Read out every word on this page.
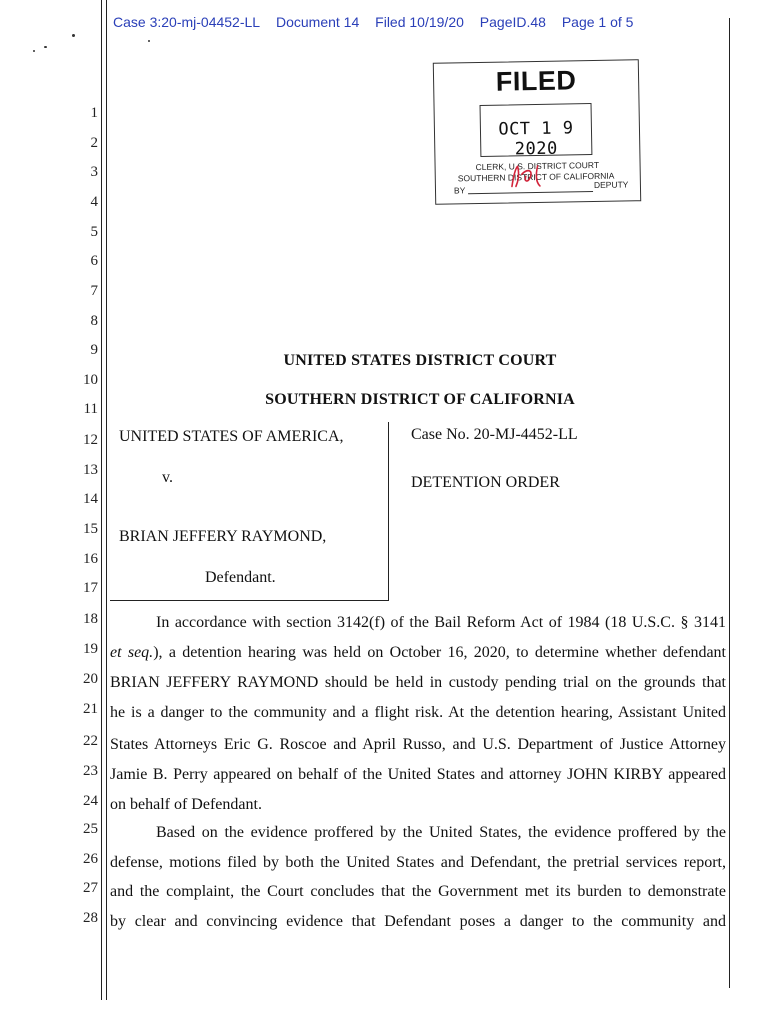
Case 3:20-mj-04452-LL Document 14 Filed 10/19/20 PageID.48 Page 1 of 5
FILED
OCT 1 9 2020
CLERK, U.S. DISTRICT COURT
SOUTHERN DISTRICT OF CALIFORNIA
BY
DEPUTY
1
2
3
4
5
6
7
8
9
10
11
12
13
14
15
16
17
18
19
20
21
22
23
24
25
26
27
28
UNITED STATES DISTRICT COURT
SOUTHERN DISTRICT OF CALIFORNIA
UNITED STATES OF AMERICA,
v.
BRIAN JEFFERY RAYMOND,
Defendant.
Case No. 20-MJ-4452-LL
DETENTION ORDER
In accordance with section 3142(f) of the Bail Reform Act of 1984 (18 U.S.C. § 3141
et seq.), a detention hearing was held on October 16, 2020, to determine whether defendant
BRIAN JEFFERY RAYMOND should be held in custody pending trial on the grounds that
he is a danger to the community and a flight risk. At the detention hearing, Assistant United
States Attorneys Eric G. Roscoe and April Russo, and U.S. Department of Justice Attorney
Jamie B. Perry appeared on behalf of the United States and attorney JOHN KIRBY appeared
on behalf of Defendant.
Based on the evidence proffered by the United States, the evidence proffered by the
defense, motions filed by both the United States and Defendant, the pretrial services report,
and the complaint, the Court concludes that the Government met its burden to demonstrate
by clear and convincing evidence that Defendant poses a danger to the community and
